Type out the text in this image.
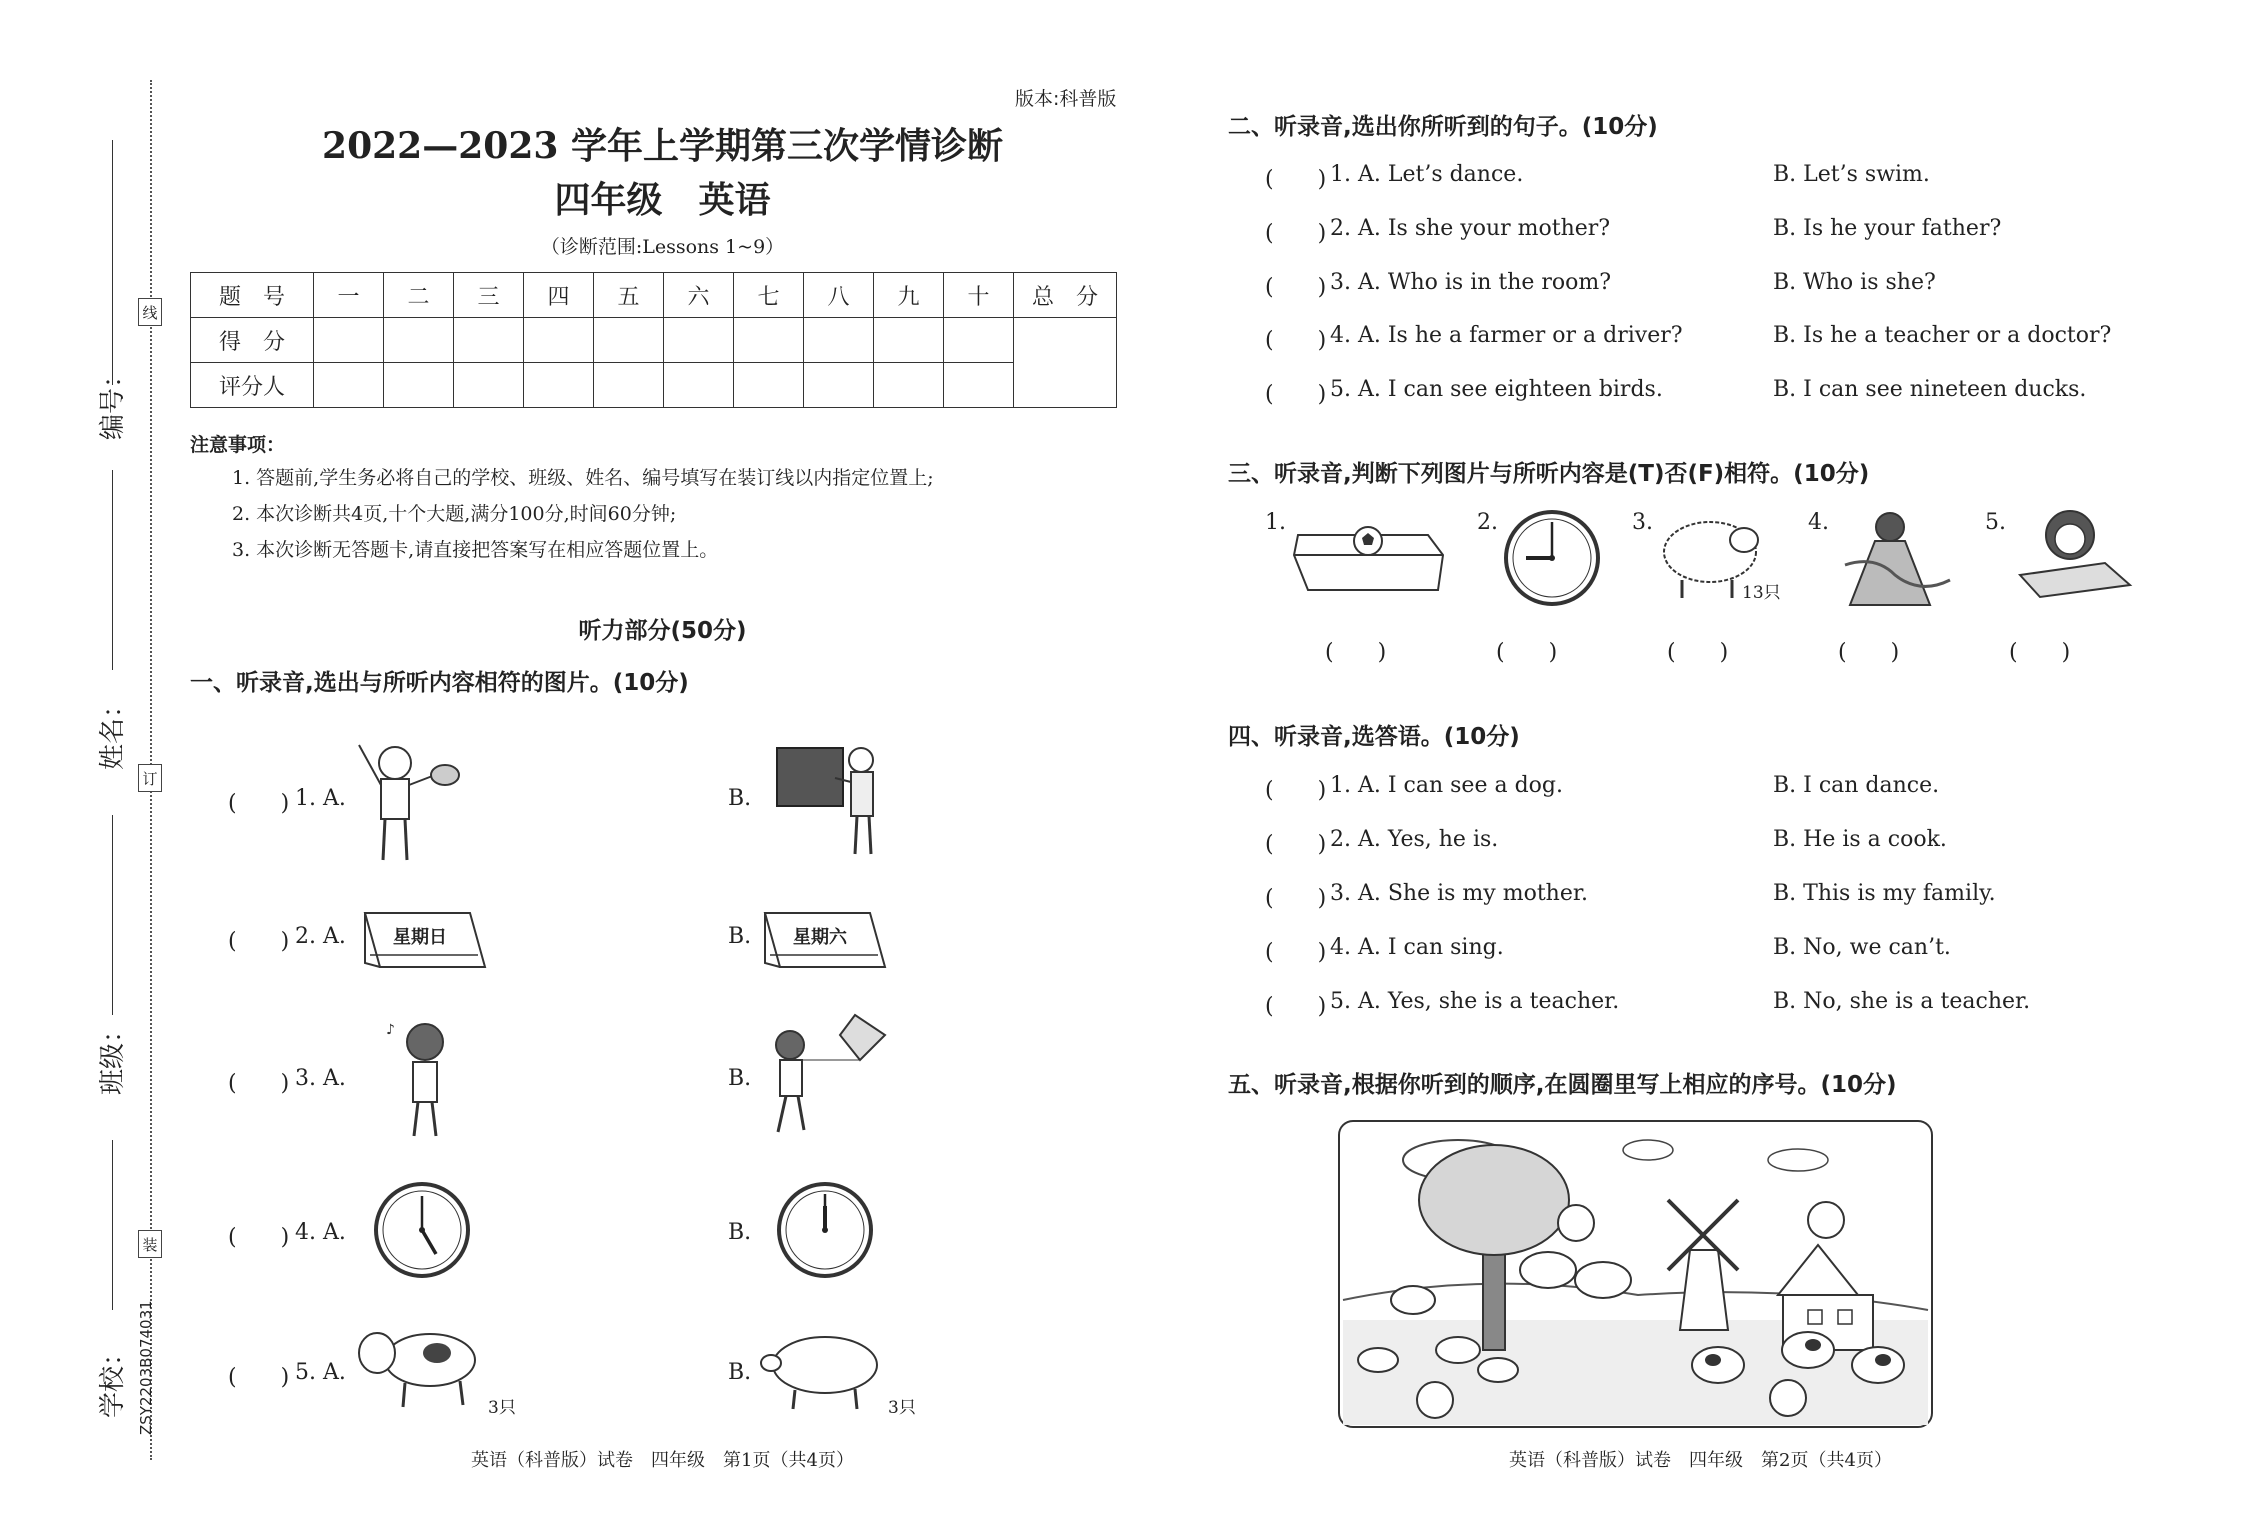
线
订
装
编号：
姓名：
班级：
学校： ZSY2203B074031
版本:科普版
2022—2023 学年上学期第三次学情诊断
四年级　英语
（诊断范围:Lessons 1~9）
题　号	一	二	三	四	五	六	七	八	九	十	总　分
得　分											
评分人											
注意事项：
1. 答题前,学生务必将自己的学校、班级、姓名、编号填写在装订线以内指定位置上;
2. 本次诊断共4页,十个大题,满分100分,时间60分钟;
3. 本次诊断无答题卡,请直接把答案写在相应答题位置上。
听力部分(50分)
一、听录音,选出与所听内容相符的图片。(10分)
(　　) 1. A.	B.
(　　) 2. A.	B.
(　　) 3. A.	B.
(　　) 4. A.	B.
(　　) 5. A.	B.
星期日	星期六
♪
3只	3只
英语（科普版）试卷　四年级　第1页（共4页）
二、听录音,选出你所听到的句子。(10分)
(　　) 1. A. Let’s dance.	B. Let’s swim.
(　　) 2. A. Is she your mother?	B. Is he your father?
(　　) 3. A. Who is in the room?	B. Who is she?
(　　) 4. A. Is he a farmer or a driver?	B. Is he a teacher or a doctor?
(　　) 5. A. I can see eighteen birds.	B. I can see nineteen ducks.
三、听录音,判断下列图片与所听内容是(T)否(F)相符。(10分)
1.	2.	3.
13只
4.	5.
(　　)	(　　)	(　　)	(　　)	(　　)
四、听录音,选答语。(10分)
(　　) 1. A. I can see a dog.	B. I can dance.
(　　) 2. A. Yes, he is.	B. He is a cook.
(　　) 3. A. She is my mother.	B. This is my family.
(　　) 4. A. I can sing.	B. No, we can’t.
(　　) 5. A. Yes, she is a teacher.	B. No, she is a teacher.
五、听录音,根据你听到的顺序,在圆圈里写上相应的序号。(10分)
英语（科普版）试卷　四年级　第2页（共4页）
